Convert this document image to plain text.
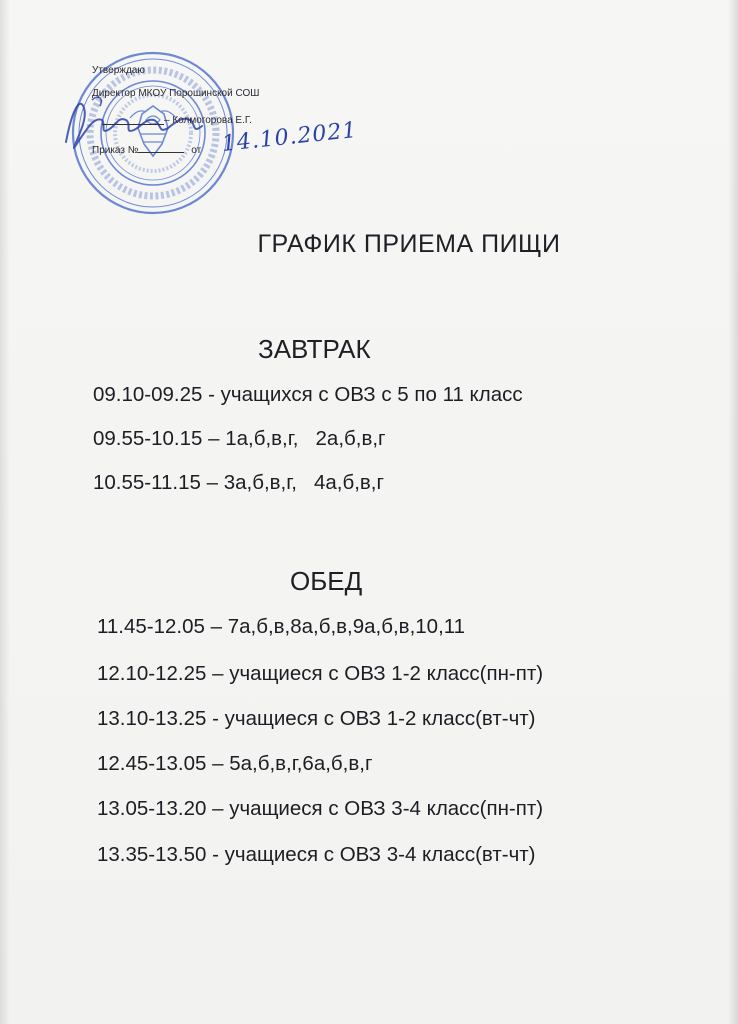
Утверждаю
Директор МКОУ Порошинской СОШ
– Колмогорова Е.Г.
Приказ №	от 14.10.2021
ГРАФИК ПРИЕМА ПИЩИ
ЗАВТРАК
09.10-09.25 - учащихся с ОВЗ с 5 по 11 класс
09.55-10.15 – 1а,б,в,г,   2а,б,в,г
10.55-11.15 – 3а,б,в,г,   4а,б,в,г
ОБЕД
11.45-12.05 – 7а,б,в,8а,б,в,9а,б,в,10,11
12.10-12.25 – учащиеся с ОВЗ 1-2 класс(пн-пт)
13.10-13.25 - учащиеся с ОВЗ 1-2 класс(вт-чт)
12.45-13.05 – 5а,б,в,г,6а,б,в,г
13.05-13.20 – учащиеся с ОВЗ 3-4 класс(пн-пт)
13.35-13.50 - учащиеся с ОВЗ 3-4 класс(вт-чт)
